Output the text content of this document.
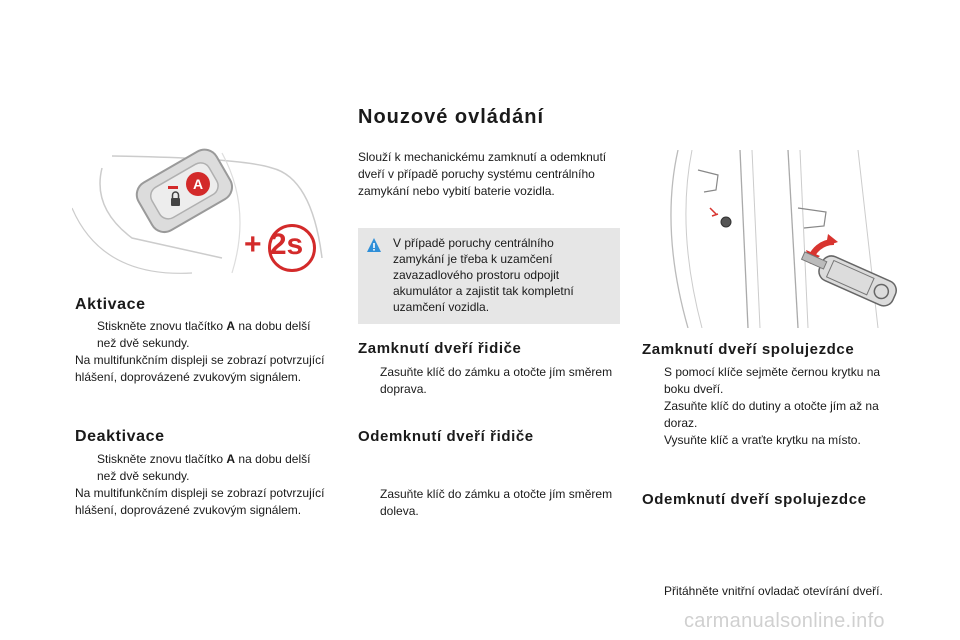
A
+ 2s
Aktivace
Stiskněte znovu tlačítko A na dobu delší
než dvě sekundy.
Na multifunkčním displeji se zobrazí potvrzující
hlášení, doprovázené zvukovým signálem.
Deaktivace
Stiskněte znovu tlačítko A na dobu delší
než dvě sekundy.
Na multifunkčním displeji se zobrazí potvrzující
hlášení, doprovázené zvukovým signálem.
Nouzové ovládání
Slouží k mechanickému zamknutí a odemknutí
dveří v případě poruchy systému centrálního
zamykání nebo vybití baterie vozidla.
V případě poruchy centrálního
zamykání je třeba k uzamčení
zavazadlového prostoru odpojit
akumulátor a zajistit tak kompletní
uzamčení vozidla.
Zamknutí dveří řidiče
Zasuňte klíč do zámku a otočte jím směrem
doprava.
Odemknutí dveří řidiče
Zasuňte klíč do zámku a otočte jím směrem
doleva.
Zamknutí dveří spolujezdce
S pomocí klíče sejměte černou krytku na
boku dveří.
Zasuňte klíč do dutiny a otočte jím až na
doraz.
Vysuňte klíč a vraťte krytku na místo.
Odemknutí dveří spolujezdce
Přitáhněte vnitřní ovladač otevírání dveří.
carmanualsonline.info
